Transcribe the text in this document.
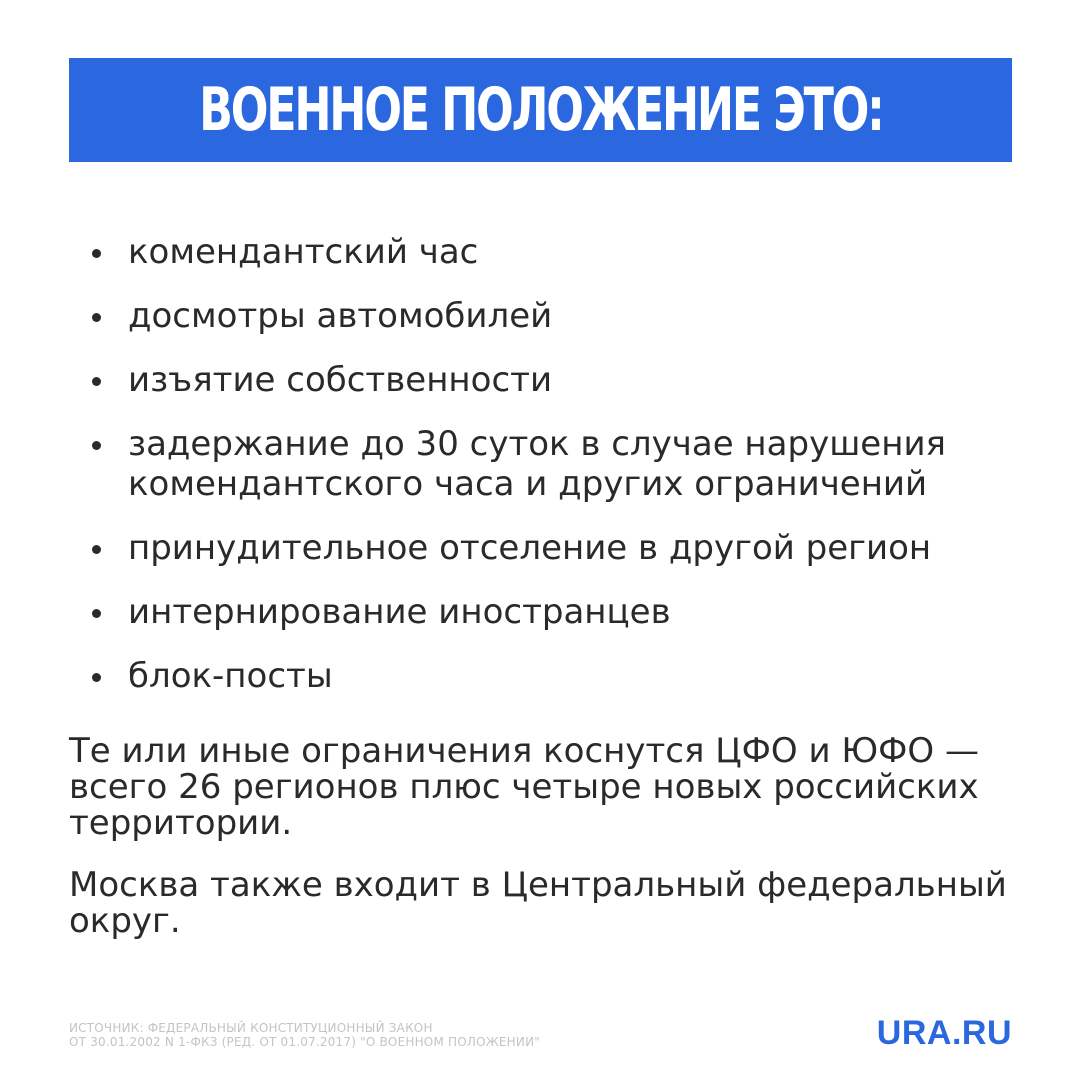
ВОЕННОЕ ПОЛОЖЕНИЕ ЭТО:
комендантский час
досмотры автомобилей
изъятие собственности
задержание до 30 суток в случае нарушения комендантского часа и других ограничений
принудительное отселение в другой регион
интернирование иностранцев
блок-посты

Те или иные ограничения коснутся ЦФО и ЮФО — всего 26 регионов плюс четыре новых российских территории.

Москва также входит в Центральный федеральный округ.

ИСТОЧНИК: ФЕДЕРАЛЬНЫЙ КОНСТИТУЦИОННЫЙ ЗАКОН
ОТ 30.01.2002 N 1-ФКЗ (РЕД. ОТ 01.07.2017) "О ВОЕННОМ ПОЛОЖЕНИИ"	URA.RU
